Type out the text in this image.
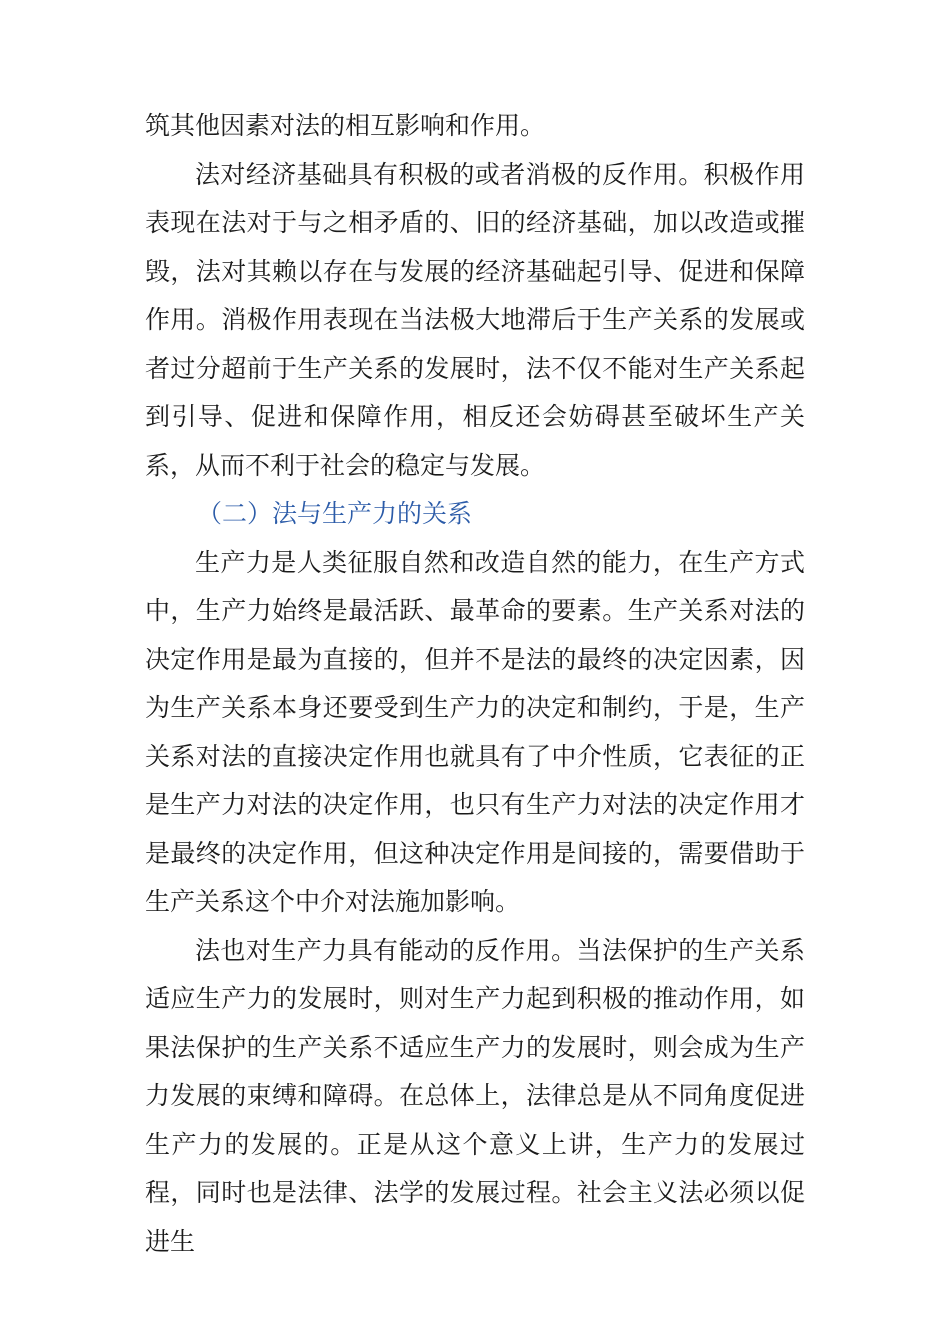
筑其他因素对法的相互影响和作用。

法对经济基础具有积极的或者消极的反作用。积极作用表现在法对于与之相矛盾的、旧的经济基础，加以改造或摧毁，法对其赖以存在与发展的经济基础起引导、促进和保障作用。消极作用表现在当法极大地滞后于生产关系的发展或者过分超前于生产关系的发展时，法不仅不能对生产关系起到引导、促进和保障作用，相反还会妨碍甚至破坏生产关系，从而不利于社会的稳定与发展。

（二）法与生产力的关系

生产力是人类征服自然和改造自然的能力，在生产方式中，生产力始终是最活跃、最革命的要素。生产关系对法的决定作用是最为直接的，但并不是法的最终的决定因素，因为生产关系本身还要受到生产力的决定和制约，于是，生产关系对法的直接决定作用也就具有了中介性质，它表征的正是生产力对法的决定作用，也只有生产力对法的决定作用才是最终的决定作用，但这种决定作用是间接的，需要借助于生产关系这个中介对法施加影响。

法也对生产力具有能动的反作用。当法保护的生产关系适应生产力的发展时，则对生产力起到积极的推动作用，如果法保护的生产关系不适应生产力的发展时，则会成为生产力发展的束缚和障碍。在总体上，法律总是从不同角度促进生产力的发展的。正是从这个意义上讲，生产力的发展过程，同时也是法律、法学的发展过程。社会主义法必须以促进生
